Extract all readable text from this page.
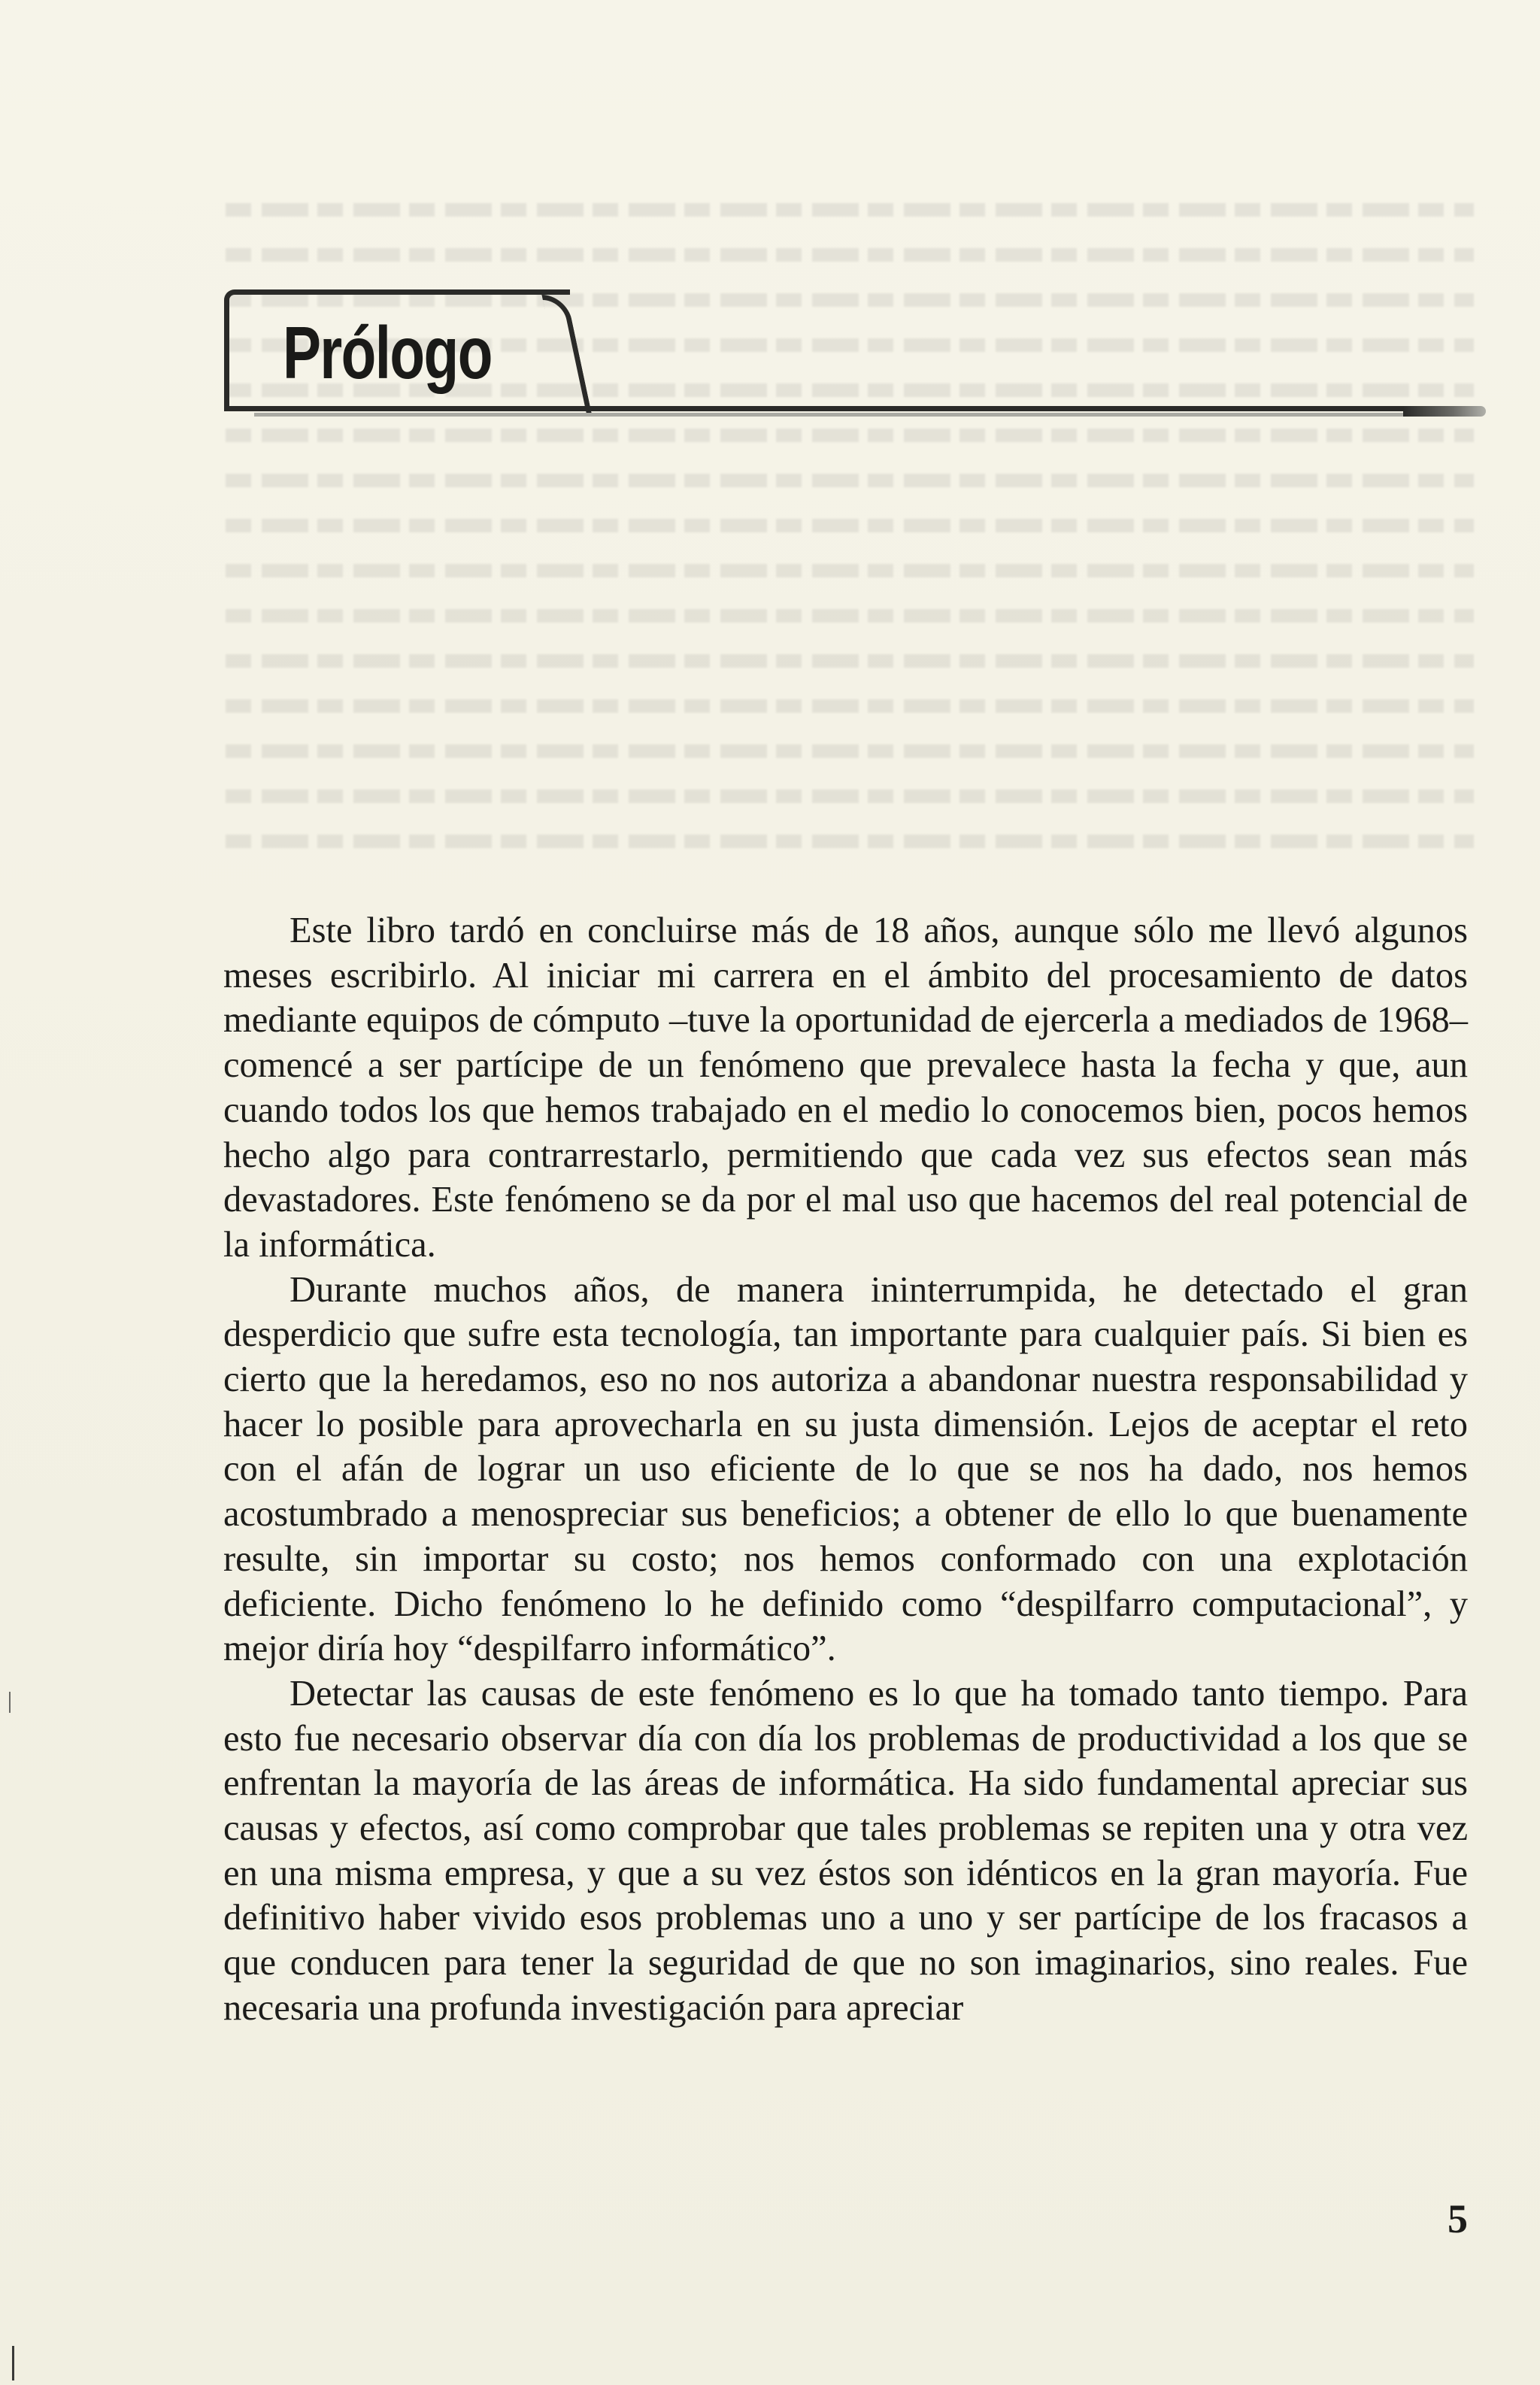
Prólogo

Este libro tardó en concluirse más de 18 años, aunque sólo me llevó algunos meses escribirlo. Al iniciar mi carrera en el ámbito del procesamiento de datos mediante equipos de cómputo –tuve la oportunidad de ejercerla a mediados de 1968– comencé a ser partícipe de un fenómeno que prevalece hasta la fecha y que, aun cuando todos los que hemos trabajado en el medio lo conocemos bien, pocos hemos hecho algo para contrarrestarlo, permitiendo que cada vez sus efectos sean más devastadores. Este fenómeno se da por el mal uso que hacemos del real potencial de la informática.

Durante muchos años, de manera ininterrumpida, he detectado el gran desperdicio que sufre esta tecnología, tan importante para cualquier país. Si bien es cierto que la heredamos, eso no nos autoriza a abandonar nuestra responsabilidad y hacer lo posible para aprovecharla en su justa dimensión. Lejos de aceptar el reto con el afán de lograr un uso eficiente de lo que se nos ha dado, nos hemos acostumbrado a menospreciar sus beneficios; a obtener de ello lo que buenamente resulte, sin importar su costo; nos hemos conformado con una explotación deficiente. Dicho fenómeno lo he definido como “despilfarro computacional”, y mejor diría hoy “despilfarro informático”.

Detectar las causas de este fenómeno es lo que ha tomado tanto tiempo. Para esto fue necesario observar día con día los problemas de productividad a los que se enfrentan la mayoría de las áreas de informática. Ha sido fundamental apreciar sus causas y efectos, así como comprobar que tales problemas se repiten una y otra vez en una misma empresa, y que a su vez éstos son idénticos en la gran mayoría. Fue definitivo haber vivido esos problemas uno a uno y ser partícipe de los fracasos a que conducen para tener la seguridad de que no son imaginarios, sino reales. Fue necesaria una profunda investigación para apreciar

5
